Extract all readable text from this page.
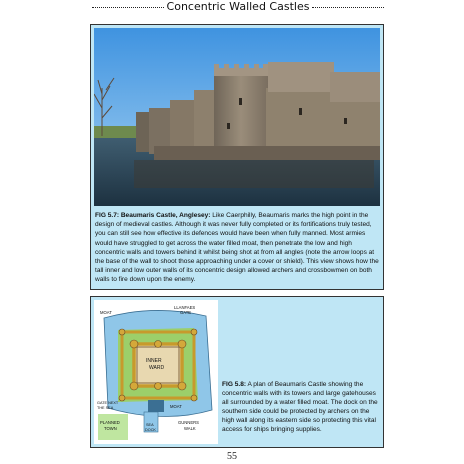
Concentric Walled Castles
FIG 5.7: Beaumaris Castle, Anglesey: Like Caerphilly, Beaumaris marks the high point in the design of medieval castles. Although it was never fully completed or its fortifications truly tested, you can still see how effective its defences would have been when fully manned. Most armies would have struggled to get across the water filled moat, then penetrate the low and high concentric walls and towers behind it whilst being shot at from all angles (note the arrow loops at the base of the wall to shoot those approaching under a cover or shield). This view shows how the tall inner and low outer walls of its concentric design allowed archers and crossbowmen on both walls to fire down upon the enemy.
MOAT
LLANFAES
GATE
INNER
WARD
GATE NEXT
THE SEA
PLANNED
TOWN
SEA
DOCK
MOAT
GUNNERS
WALK
FIG 5.8: A plan of Beaumaris Castle showing the concentric walls with its towers and large gatehouses all surrounded by a water filled moat. The dock on the southern side could be protected by archers on the high wall along its eastern side so protecting this vital access for ships bringing supplies.
55
